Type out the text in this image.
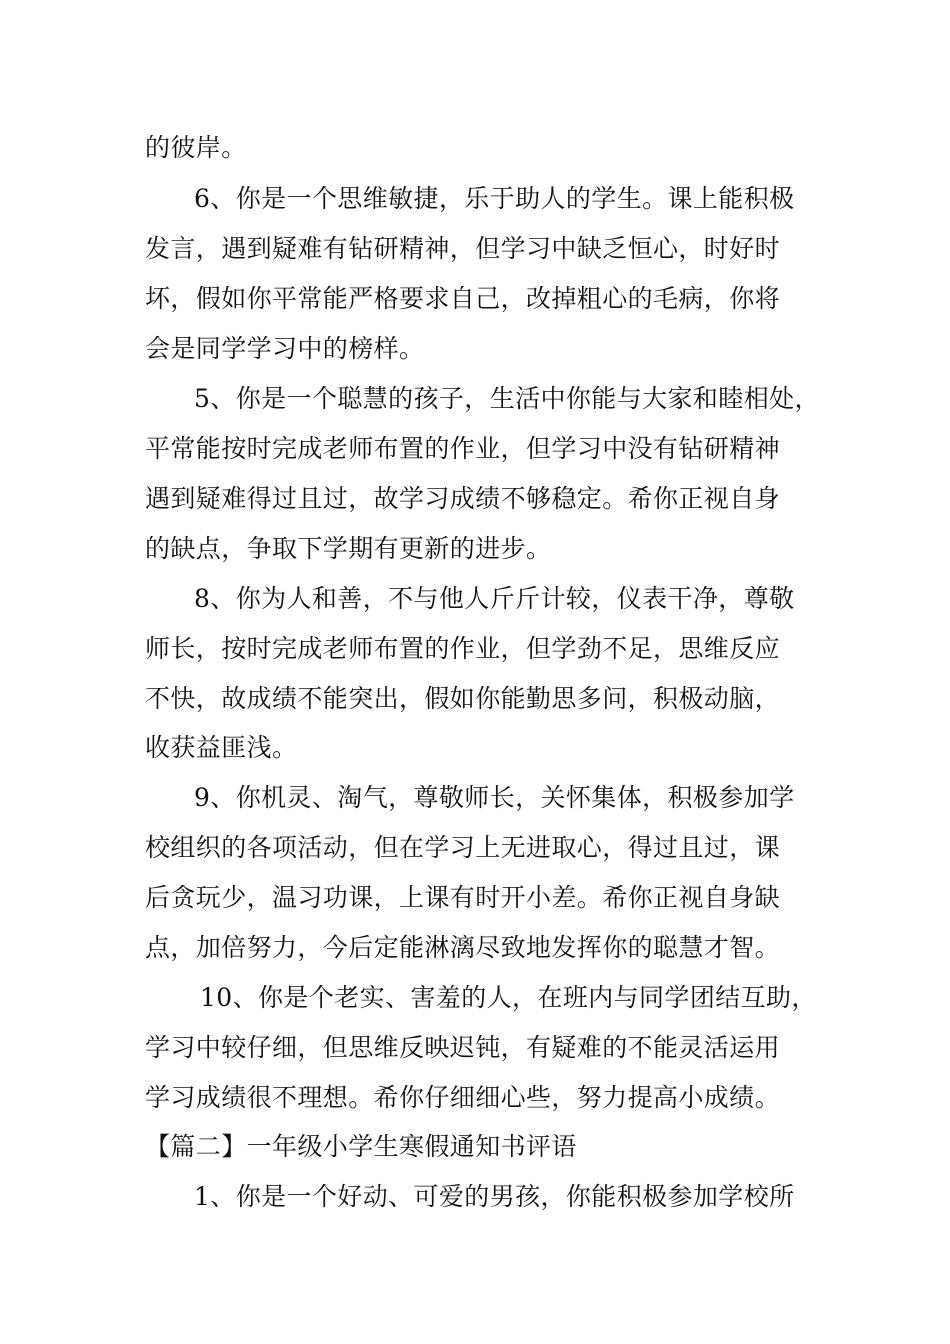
的彼岸。
6、你是一个思维敏捷，乐于助人的学生。课上能积极
发言，遇到疑难有钻研精神，但学习中缺乏恒心，时好时
坏，假如你平常能严格要求自己，改掉粗心的毛病，你将
会是同学学习中的榜样。
5、你是一个聪慧的孩子，生活中你能与大家和睦相处，
平常能按时完成老师布置的作业，但学习中没有钻研精神
遇到疑难得过且过，故学习成绩不够稳定。希你正视自身
的缺点，争取下学期有更新的进步。
8、你为人和善，不与他人斤斤计较，仪表干净，尊敬
师长，按时完成老师布置的作业，但学劲不足，思维反应
不快，故成绩不能突出，假如你能勤思多问，积极动脑，
收获益匪浅。
9、你机灵、淘气，尊敬师长，关怀集体，积极参加学
校组织的各项活动，但在学习上无进取心，得过且过，课
后贪玩少，温习功课，上课有时开小差。希你正视自身缺
点，加倍努力，今后定能淋漓尽致地发挥你的聪慧才智。
10、你是个老实、害羞的人，在班内与同学团结互助，
学习中较仔细，但思维反映迟钝，有疑难的不能灵活运用
学习成绩很不理想。希你仔细细心些，努力提高小成绩。
【篇二】一年级小学生寒假通知书评语
1、你是一个好动、可爱的男孩，你能积极参加学校所
